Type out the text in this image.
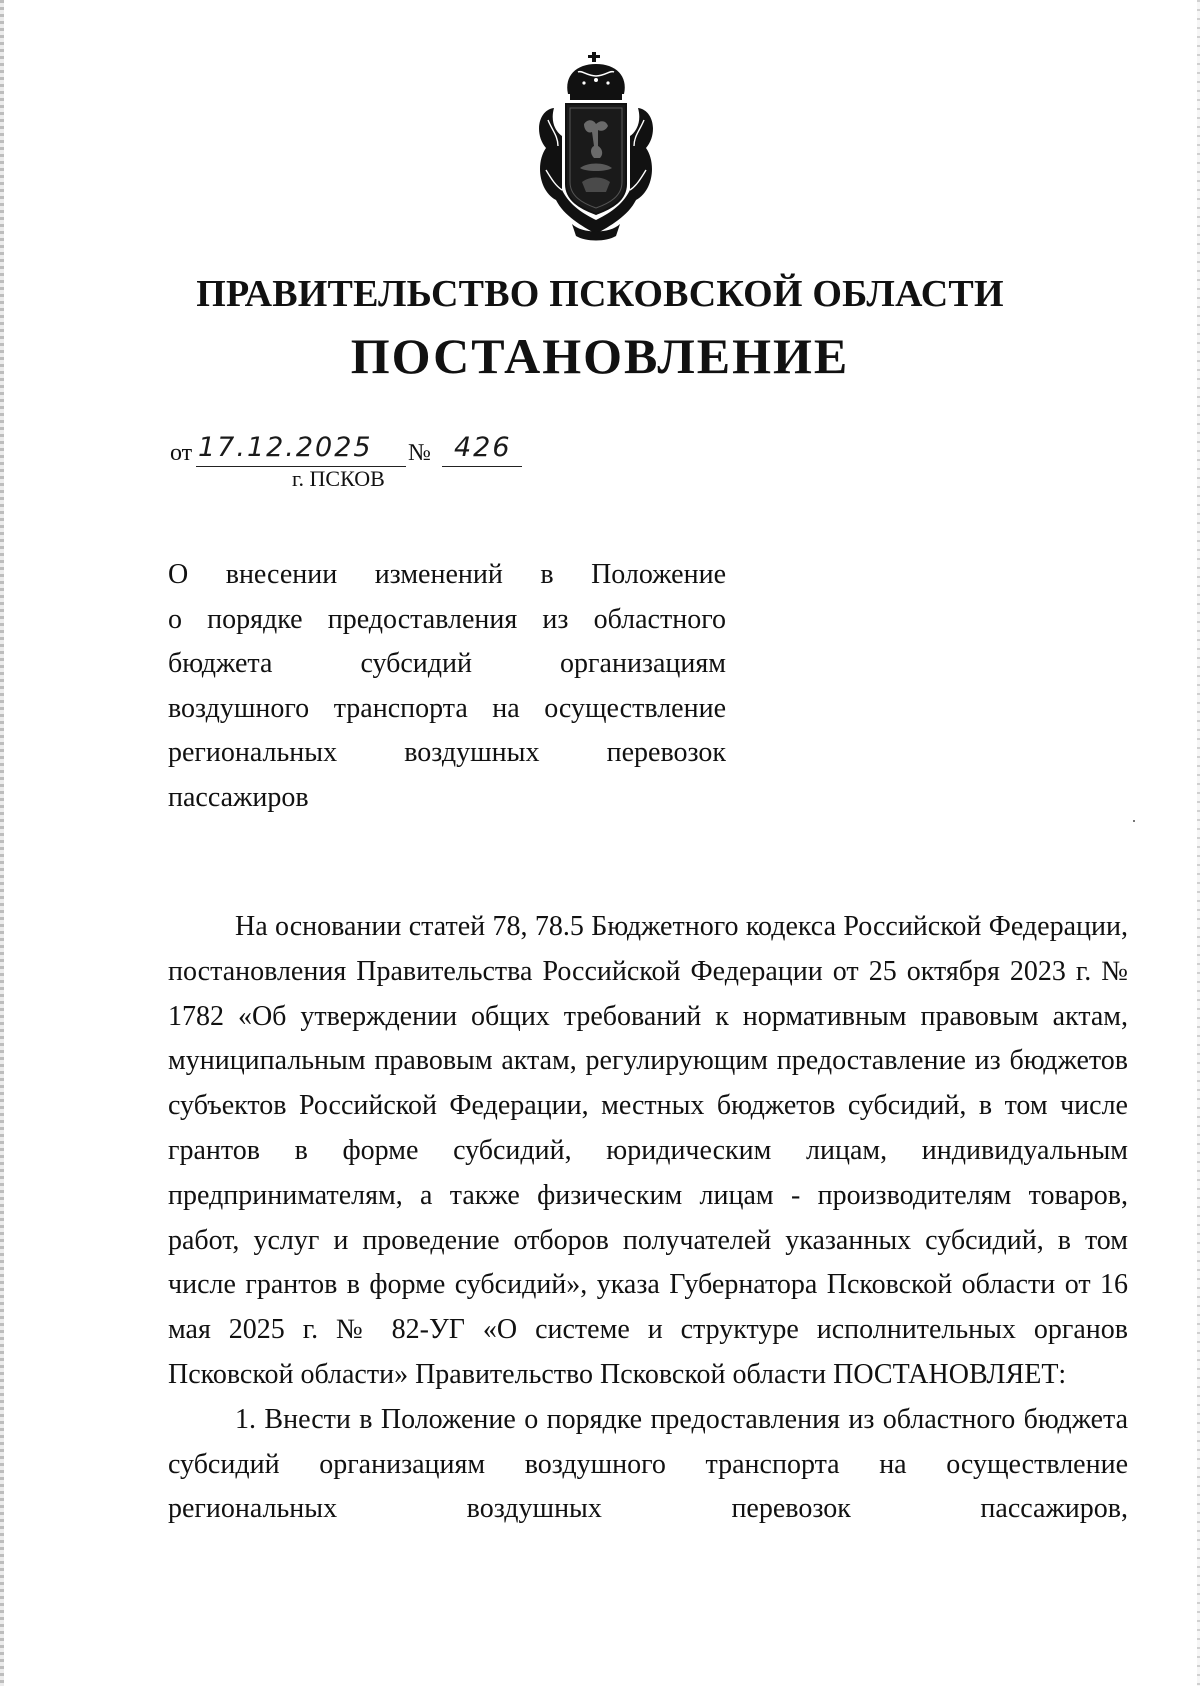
ПРАВИТЕЛЬСТВО ПСКОВСКОЙ ОБЛАСТИ
ПОСТАНОВЛЕНИЕ
от 17.12.2025 № 426
г. ПСКОВ
О внесении изменений в Положение
о порядке предоставления из областного
бюджета субсидий организациям
воздушного транспорта на осуществление
региональных воздушных перевозок
пассажиров

На основании статей 78, 78.5 Бюджетного кодекса Российской Федерации, постановления Правительства Российской Федерации от 25 октября 2023 г. № 1782 «Об утверждении общих требований к нормативным правовым актам, муниципальным правовым актам, регулирующим предоставление из бюджетов субъектов Российской Федерации, местных бюджетов субсидий, в том числе грантов в форме субсидий, юридическим лицам, индивидуальным предпринимателям, а также физическим лицам - производителям товаров, работ, услуг и проведение отборов получателей указанных субсидий, в том числе грантов в форме субсидий», указа Губернатора Псковской области от 16 мая 2025 г. № 82-УГ «О системе и структуре исполнительных органов Псковской области» Правительство Псковской области ПОСТАНОВЛЯЕТ:

1. Внести в Положение о порядке предоставления из областного бюджета субсидий организациям воздушного транспорта на осуществление региональных воздушных перевозок пассажиров,
